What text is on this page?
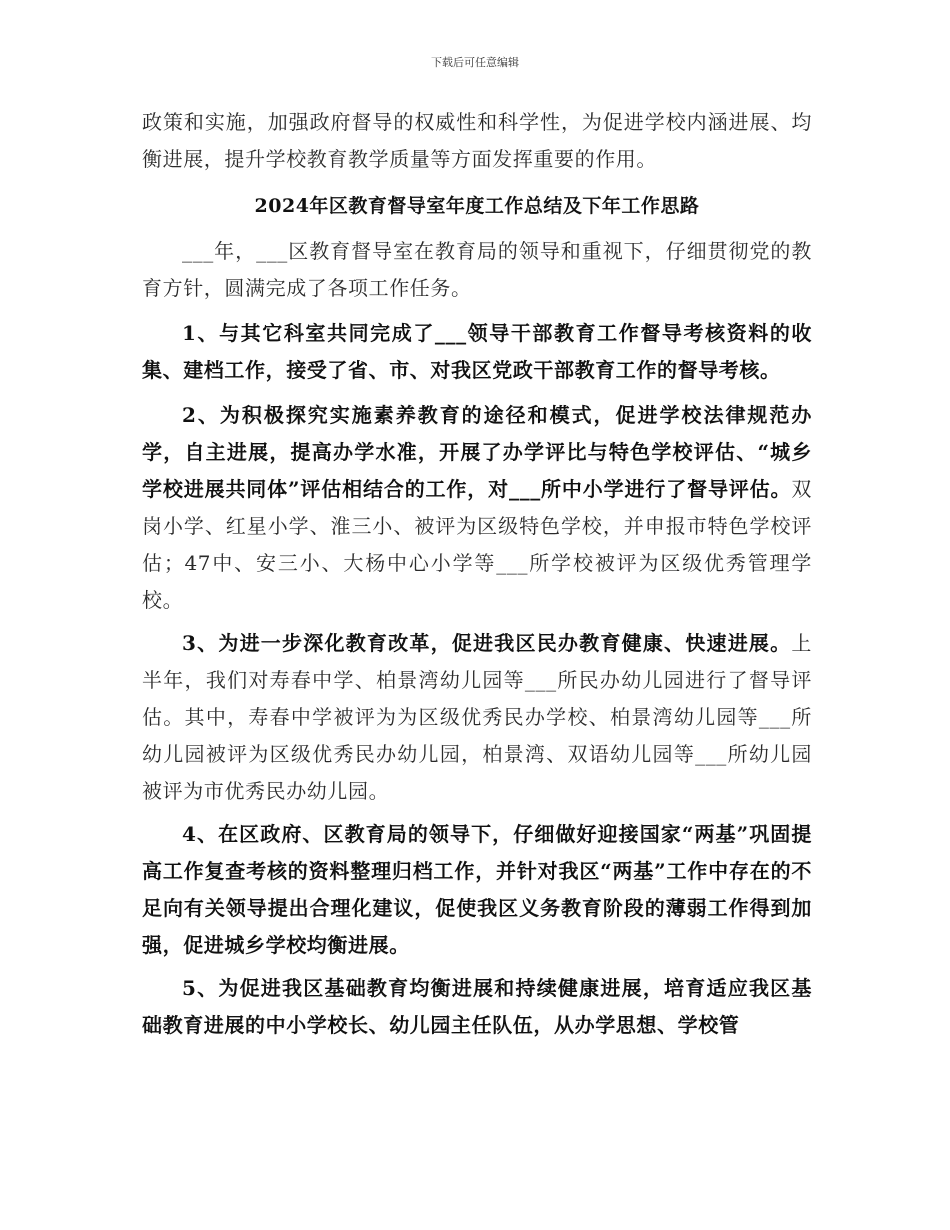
下载后可任意编辑

政策和实施，加强政府督导的权威性和科学性，为促进学校内涵进展、均衡进展，提升学校教育教学质量等方面发挥重要的作用。

2024年区教育督导室年度工作总结及下年工作思路

___年，___区教育督导室在教育局的领导和重视下，仔细贯彻党的教育方针，圆满完成了各项工作任务。

1、与其它科室共同完成了___领导干部教育工作督导考核资料的收集、建档工作，接受了省、市、对我区党政干部教育工作的督导考核。

2、为积极探究实施素养教育的途径和模式，促进学校法律规范办学，自主进展，提高办学水准，开展了办学评比与特色学校评估、“城乡学校进展共同体”评估相结合的工作，对___所中小学进行了督导评估。双岗小学、红星小学、淮三小、被评为区级特色学校，并申报市特色学校评估；47中、安三小、大杨中心小学等___所学校被评为区级优秀管理学校。

3、为进一步深化教育改革，促进我区民办教育健康、快速进展。上半年，我们对寿春中学、柏景湾幼儿园等___所民办幼儿园进行了督导评估。其中，寿春中学被评为为区级优秀民办学校、柏景湾幼儿园等___所幼儿园被评为区级优秀民办幼儿园，柏景湾、双语幼儿园等___所幼儿园被评为市优秀民办幼儿园。

4、在区政府、区教育局的领导下，仔细做好迎接国家“两基”巩固提高工作复查考核的资料整理归档工作，并针对我区“两基”工作中存在的不足向有关领导提出合理化建议，促使我区义务教育阶段的薄弱工作得到加强，促进城乡学校均衡进展。

5、为促进我区基础教育均衡进展和持续健康进展，培育适应我区基础教育进展的中小学校长、幼儿园主任队伍，从办学思想、学校管
